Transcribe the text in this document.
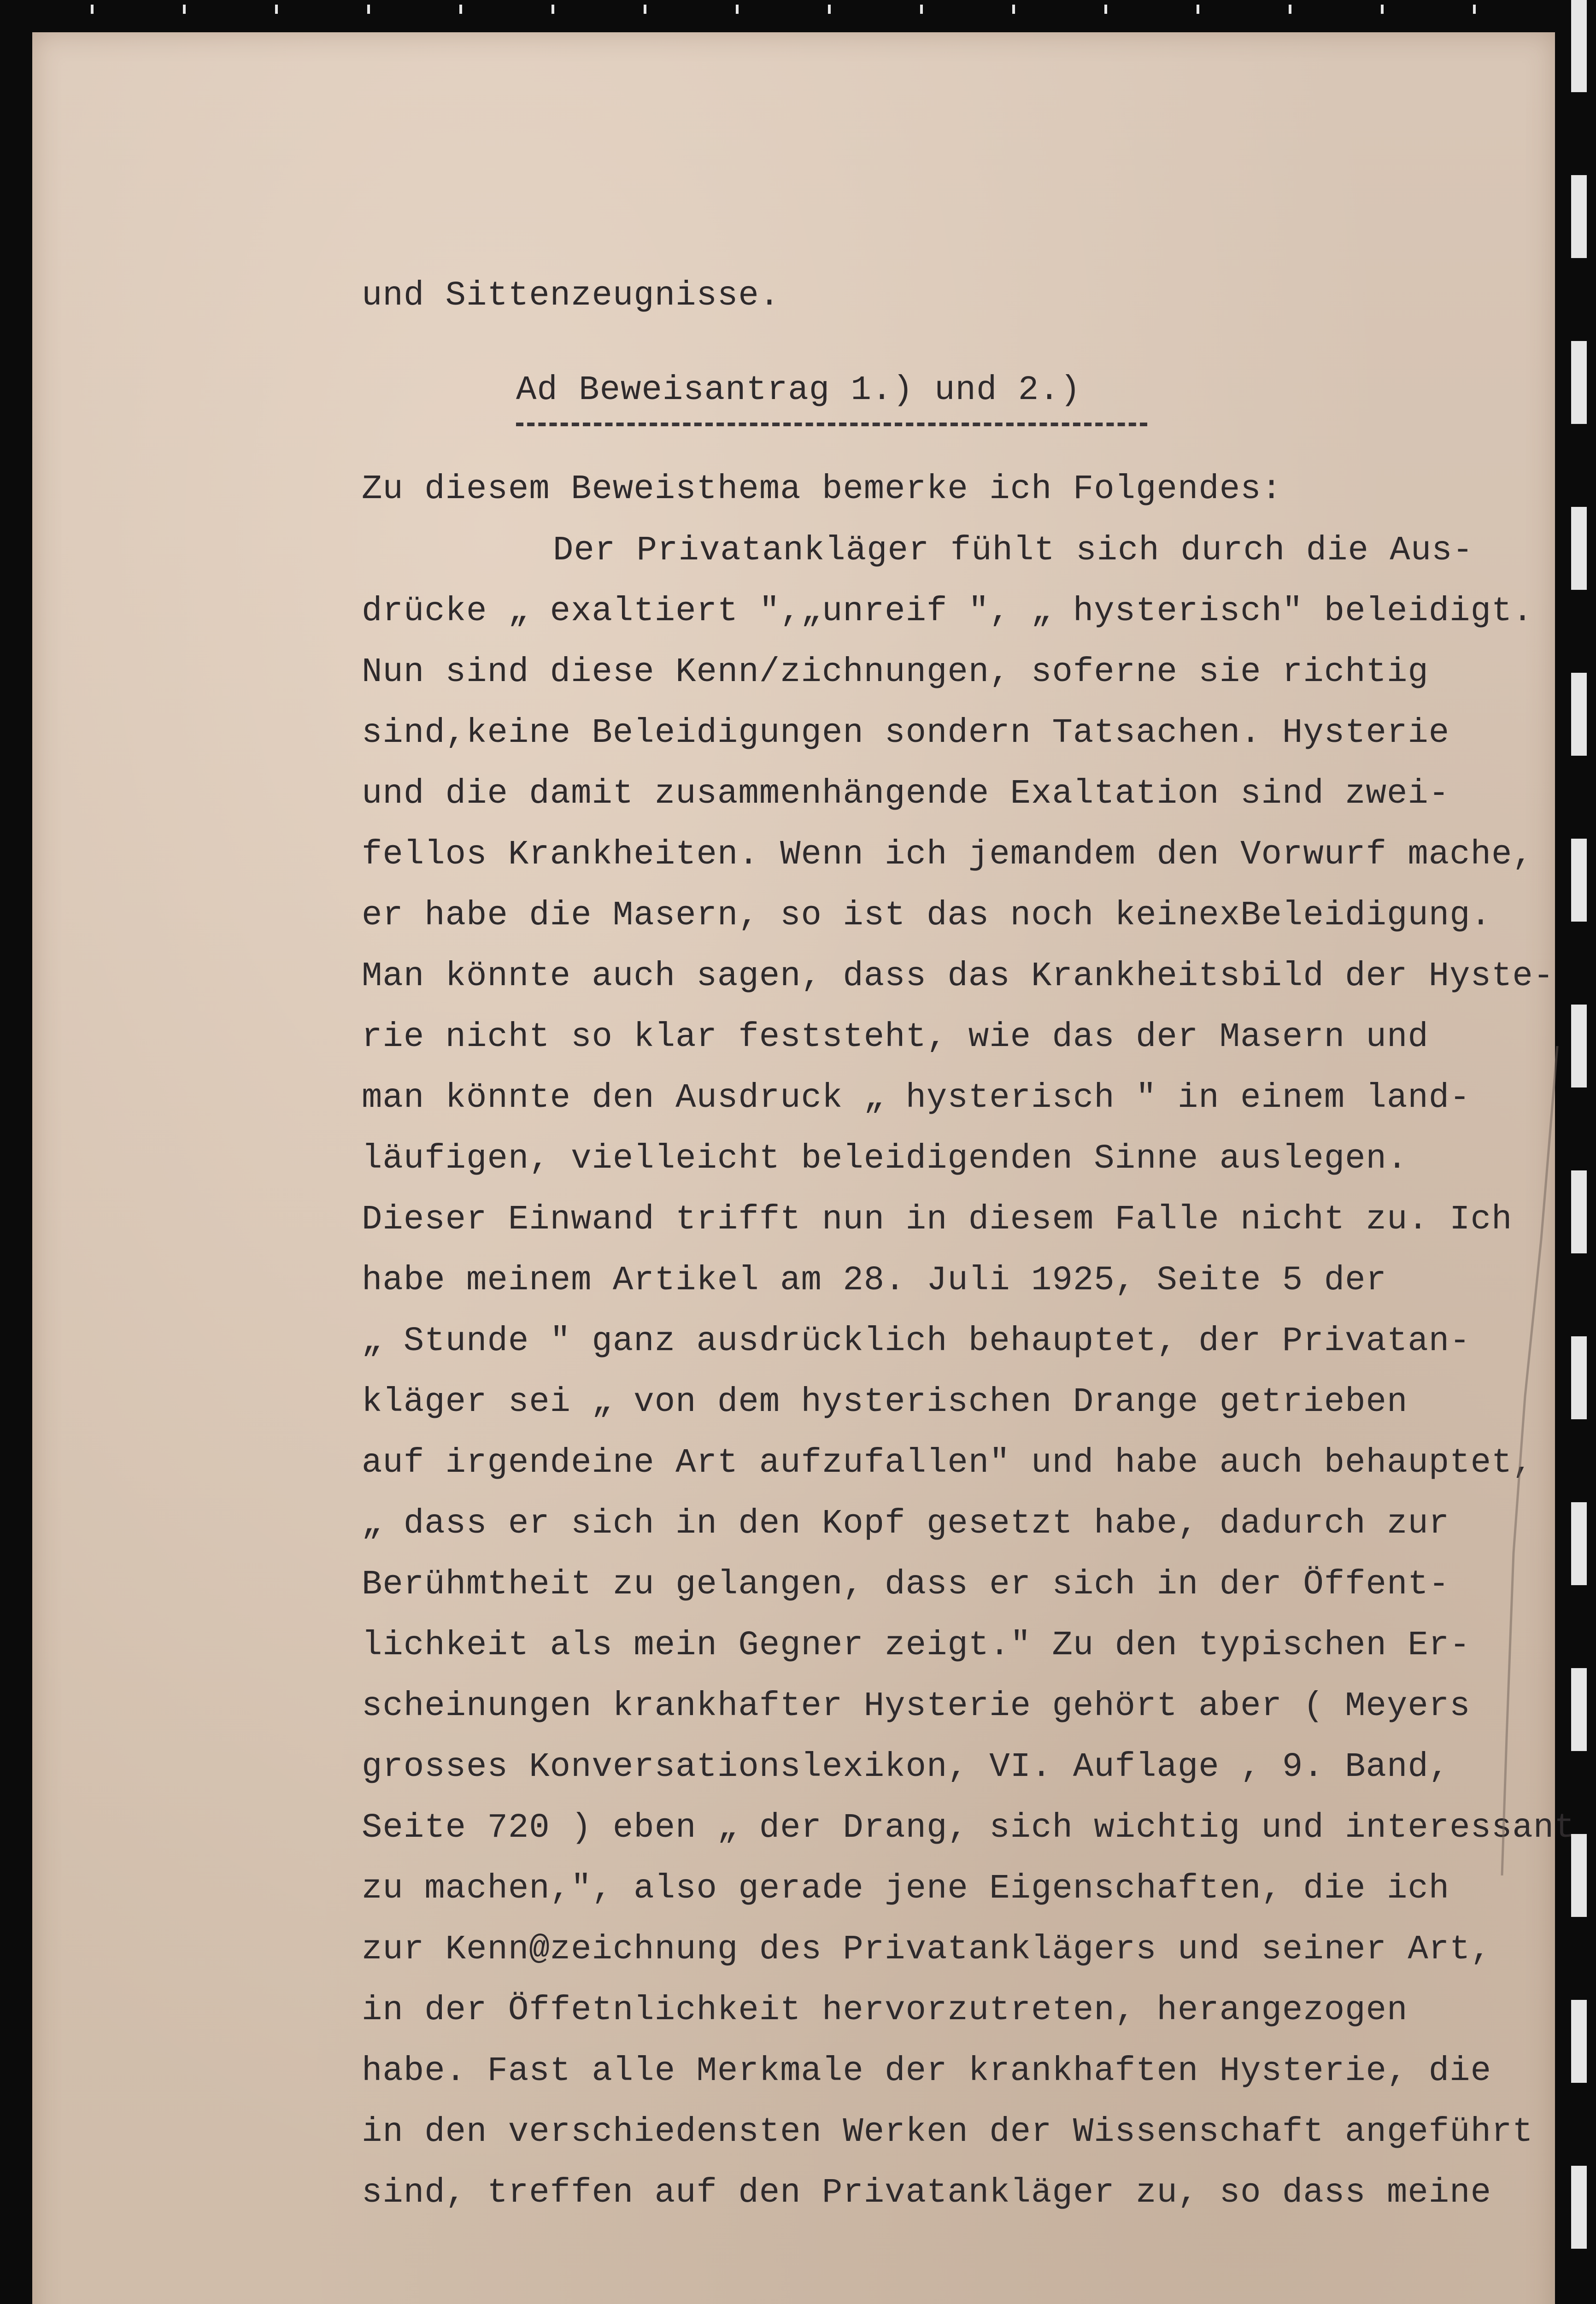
und Sittenzeugnisse.
Ad Beweisantrag 1.) und 2.)
Zu diesem Beweisthema bemerke ich Folgendes:
Der Privatankläger fühlt sich durch die Aus-
drücke „ exaltiert ",„unreif ", „ hysterisch" beleidigt.
Nun sind diese Kenn/zichnungen, soferne sie richtig
sind,keine Beleidigungen sondern Tatsachen. Hysterie
und die damit zusammenhängende Exaltation sind zwei-
fellos Krankheiten. Wenn ich jemandem den Vorwurf mache,
er habe die Masern, so ist das noch keinexBeleidigung.
Man könnte auch sagen, dass das Krankheitsbild der Hyste-
rie nicht so klar feststeht, wie das der Masern und
man könnte den Ausdruck „ hysterisch " in einem land-
läufigen, vielleicht beleidigenden Sinne auslegen.
Dieser Einwand trifft nun in diesem Falle nicht zu. Ich
habe meinem Artikel am 28. Juli 1925, Seite 5 der
„ Stunde " ganz ausdrücklich behauptet, der Privatan-
kläger sei „ von dem hysterischen Drange getrieben
auf irgendeine Art aufzufallen" und habe auch behauptet,
„ dass er sich in den Kopf gesetzt habe, dadurch zur
Berühmtheit zu gelangen, dass er sich in der Öffent-
lichkeit als mein Gegner zeigt." Zu den typischen Er-
scheinungen krankhafter Hysterie gehört aber ( Meyers
grosses Konversationslexikon, VI. Auflage , 9. Band,
Seite 720 ) eben „ der Drang, sich wichtig und interessant
zu machen,", also gerade jene Eigenschaften, die ich
zur Kenn@zeichnung des Privatanklägers und seiner Art,
in der Öffetnlichkeit hervorzutreten, herangezogen
habe. Fast alle Merkmale der krankhaften Hysterie, die
in den verschiedensten Werken der Wissenschaft angeführt
sind, treffen auf den Privatankläger zu, so dass meine
